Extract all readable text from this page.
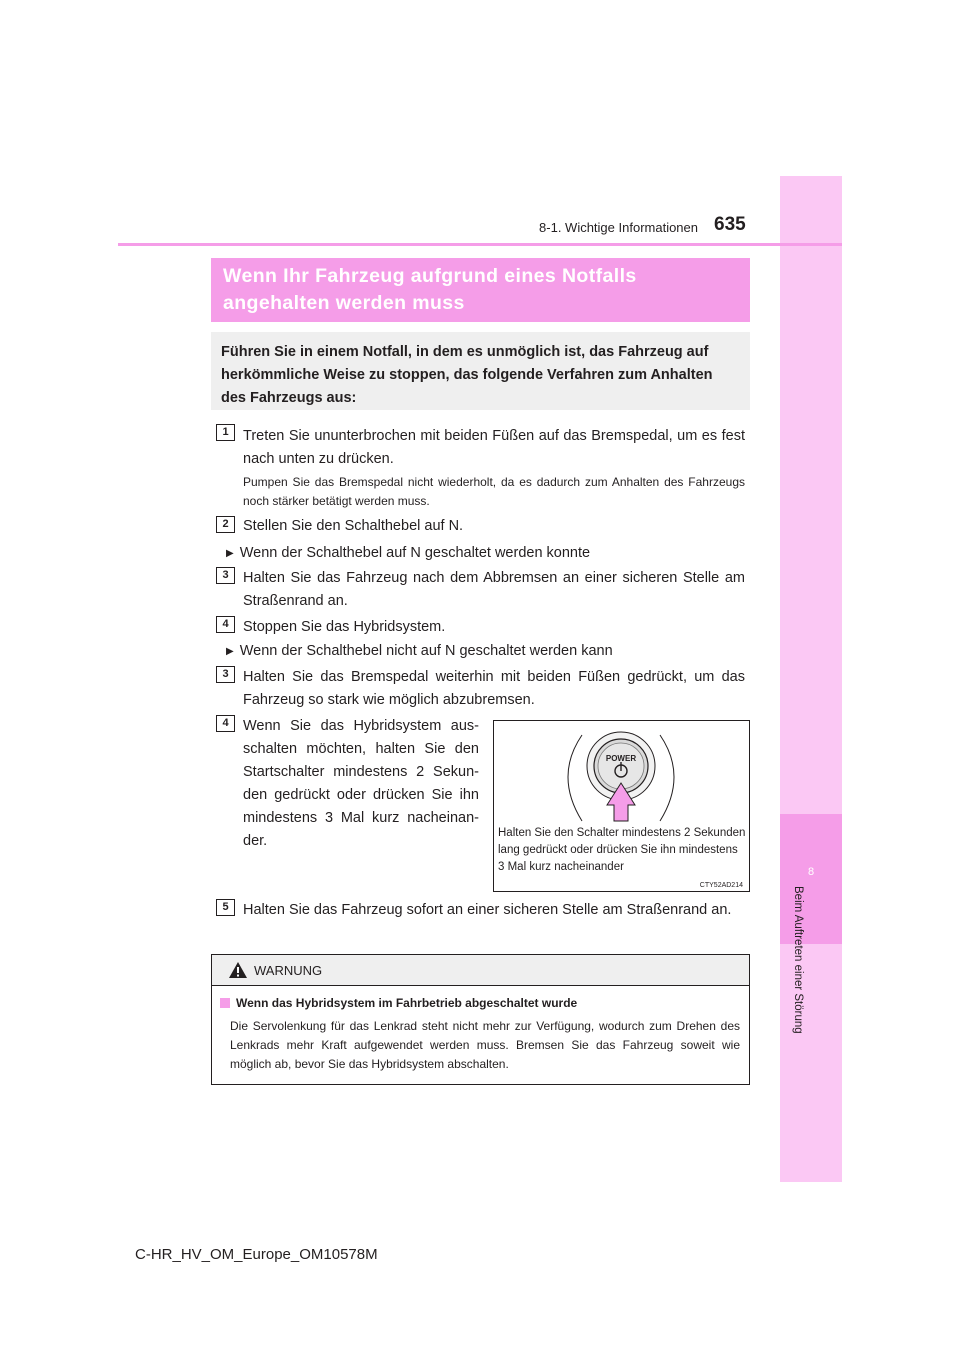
8
Beim Auftreten einer Störung
8-1. Wichtige Informationen 635
Wenn Ihr Fahrzeug aufgrund eines Notfalls
angehalten werden muss
Führen Sie in einem Notfall, in dem es unmöglich ist, das Fahrzeug auf
herkömmliche Weise zu stoppen, das folgende Verfahren zum Anhalten
des Fahrzeugs aus:
1 Treten Sie ununterbrochen mit beiden Füßen auf das Bremspedal, um es fest nach unten zu drücken.
Pumpen Sie das Bremspedal nicht wiederholt, da es dadurch zum Anhalten des Fahrzeugs noch stärker betätigt werden muss.
2 Stellen Sie den Schalthebel auf N.
▶ Wenn der Schalthebel auf N geschaltet werden konnte
3 Halten Sie das Fahrzeug nach dem Abbremsen an einer sicheren Stelle am Straßenrand an.
4 Stoppen Sie das Hybridsystem.
▶ Wenn der Schalthebel nicht auf N geschaltet werden kann
3 Halten Sie das Bremspedal weiterhin mit beiden Füßen gedrückt, um das Fahrzeug so stark wie möglich abzubremsen.
4 Wenn Sie das Hybridsystem aus-
schalten möchten, halten Sie den
Startschalter mindestens 2 Sekun-
den gedrückt oder drücken Sie ihn
mindestens 3 Mal kurz nacheinan-
der.
POWER
Halten Sie den Schalter mindestens 2 Sekunden lang gedrückt oder drücken Sie ihn mindestens 3 Mal kurz nacheinander
CTY52AD214
5 Halten Sie das Fahrzeug sofort an einer sicheren Stelle am Straßenrand an.
WARNUNG
Wenn das Hybridsystem im Fahrbetrieb abgeschaltet wurde
Die Servolenkung für das Lenkrad steht nicht mehr zur Verfügung, wodurch zum Drehen des Lenkrads mehr Kraft aufgewendet werden muss. Bremsen Sie das Fahrzeug soweit wie möglich ab, bevor Sie das Hybridsystem abschalten.
C-HR_HV_OM_Europe_OM10578M
